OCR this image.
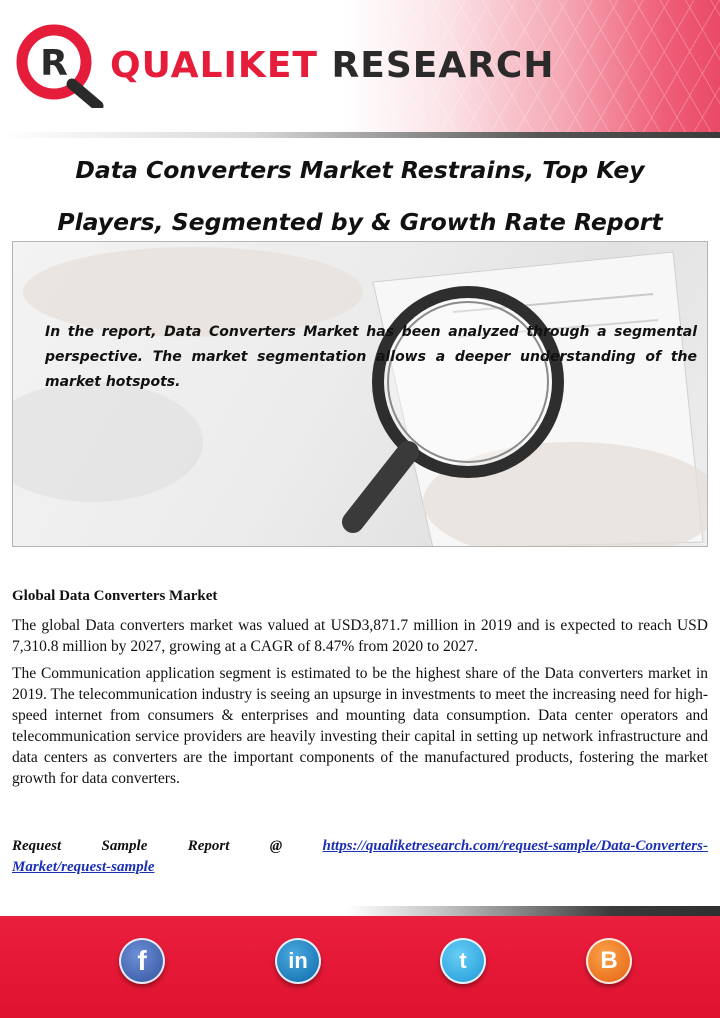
R QUALIKET RESEARCH
Data Converters Market Restrains, Top Key
Players, Segmented by & Growth Rate Report
In the report, Data Converters Market has been analyzed through a segmental perspective. The market segmentation allows a deeper understanding of the market hotspots.
Global Data Converters Market

The global Data converters market was valued at USD3,871.7 million in 2019 and is expected to reach USD 7,310.8 million by 2027, growing at a CAGR of 8.47% from 2020 to 2027.

The Communication application segment is estimated to be the highest share of the Data converters market in 2019. The telecommunication industry is seeing an upsurge in investments to meet the increasing need for high-speed internet from consumers & enterprises and mounting data consumption. Data center operators and telecommunication service providers are heavily investing their capital in setting up network infrastructure and data centers as converters are the important components of the manufactured products, fostering the market growth for data converters.

Request	Sample	Report	@	https://qualiketresearch.com/request-sample/Data-Converters-
Market/request-sample
f	in	t	B
